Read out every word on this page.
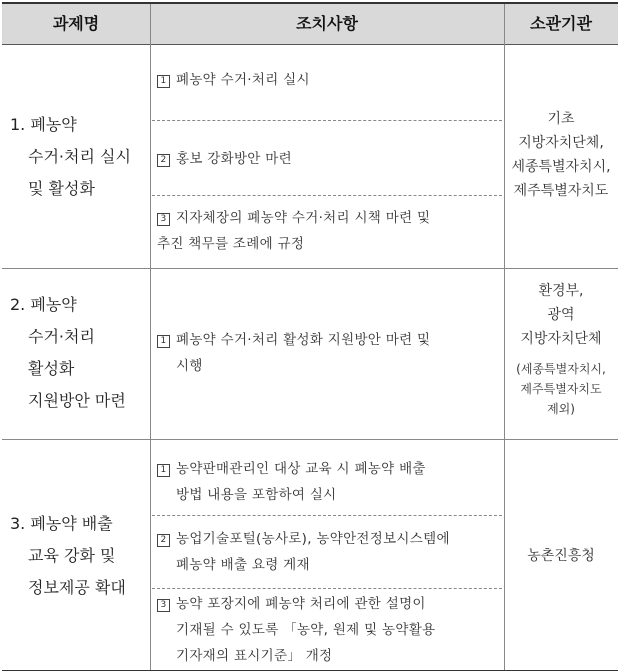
과제명	조치사항	소관기관
1. 폐농약
수거·처리 실시
및 활성화
1 폐농약 수거·처리 실시
2 홍보 강화방안 마련
3 지자체장의 폐농약 수거·처리 시책 마련 및
추진 책무를 조례에 규정
기초
지방자치단체,
세종특별자치시,
제주특별자치도
2. 폐농약
수거·처리
활성화
지원방안 마련
1 폐농약 수거·처리 활성화 지원방안 마련 및
시행
환경부,
광역
지방자치단체
(세종특별자치시,
제주특별자치도
제외)
3. 폐농약 배출
교육 강화 및
정보제공 확대
1 농약판매관리인 대상 교육 시 폐농약 배출
방법 내용을 포함하여 실시
2 농업기술포털(농사로), 농약안전정보시스템에
폐농약 배출 요령 게재
3 농약 포장지에 폐농약 처리에 관한 설명이
기재될 수 있도록 「농약, 원제 및 농약활용
기자재의 표시기준」 개정
농촌진흥청
